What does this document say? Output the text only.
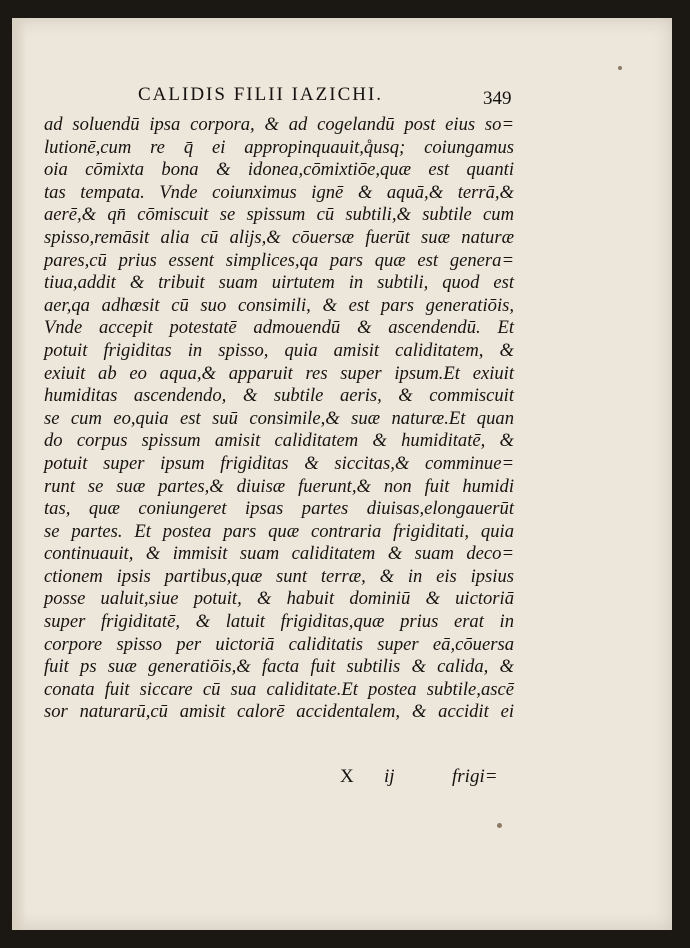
CALIDIS FILII IAZICHI.	349
ad soluendū ipsa corpora, & ad cogelandū post eius so=
lutionē,cum re q̄ ei appropinquauit,q̊usq; coiungamus
oia cōmixta bona & idonea,cōmixtiōe,quæ est quanti
tas tempata. Vnde coiunximus ignē & aquā,& terrā,&
aerē,& qn̄ cōmiscuit se spissum cū subtili,& subtile cum
spisso,remāsit alia cū alijs,& cōuersæ fuerūt suæ naturæ
pares,cū prius essent simplices,qa pars quæ est genera=
tiua,addit & tribuit suam uirtutem in subtili, quod est
aer,qa adhæsit cū suo consimili, & est pars generatiōis,
Vnde accepit potestatē admouendū & ascendendū. Et
potuit frigiditas in spisso, quia amisit caliditatem, &
exiuit ab eo aqua,& apparuit res super ipsum.Et exiuit
humiditas ascendendo, & subtile aeris, & commiscuit
se cum eo,quia est suū consimile,& suæ naturæ.Et quan
do corpus spissum amisit caliditatem & humiditatē, &
potuit super ipsum frigiditas & siccitas,& comminue=
runt se suæ partes,& diuisæ fuerunt,& non fuit humidi
tas, quæ coniungeret ipsas partes diuisas,elongauerūt
se partes. Et postea pars quæ contraria frigiditati, quia
continuauit, & immisit suam caliditatem & suam deco=
ctionem ipsis partibus,quæ sunt terræ, & in eis ipsius
posse ualuit,siue potuit, & habuit dominiū & uictoriā
super frigiditatē, & latuit frigiditas,quæ prius erat in
corpore spisso per uictoriā caliditatis super eā,cōuersa
fuit ps suæ generatiōis,& facta fuit subtilis & calida, &
conata fuit siccare cū sua caliditate.Et postea subtile,ascē
sor naturarū,cū amisit calorē accidentalem, & accidit ei
X ij	frigi=
